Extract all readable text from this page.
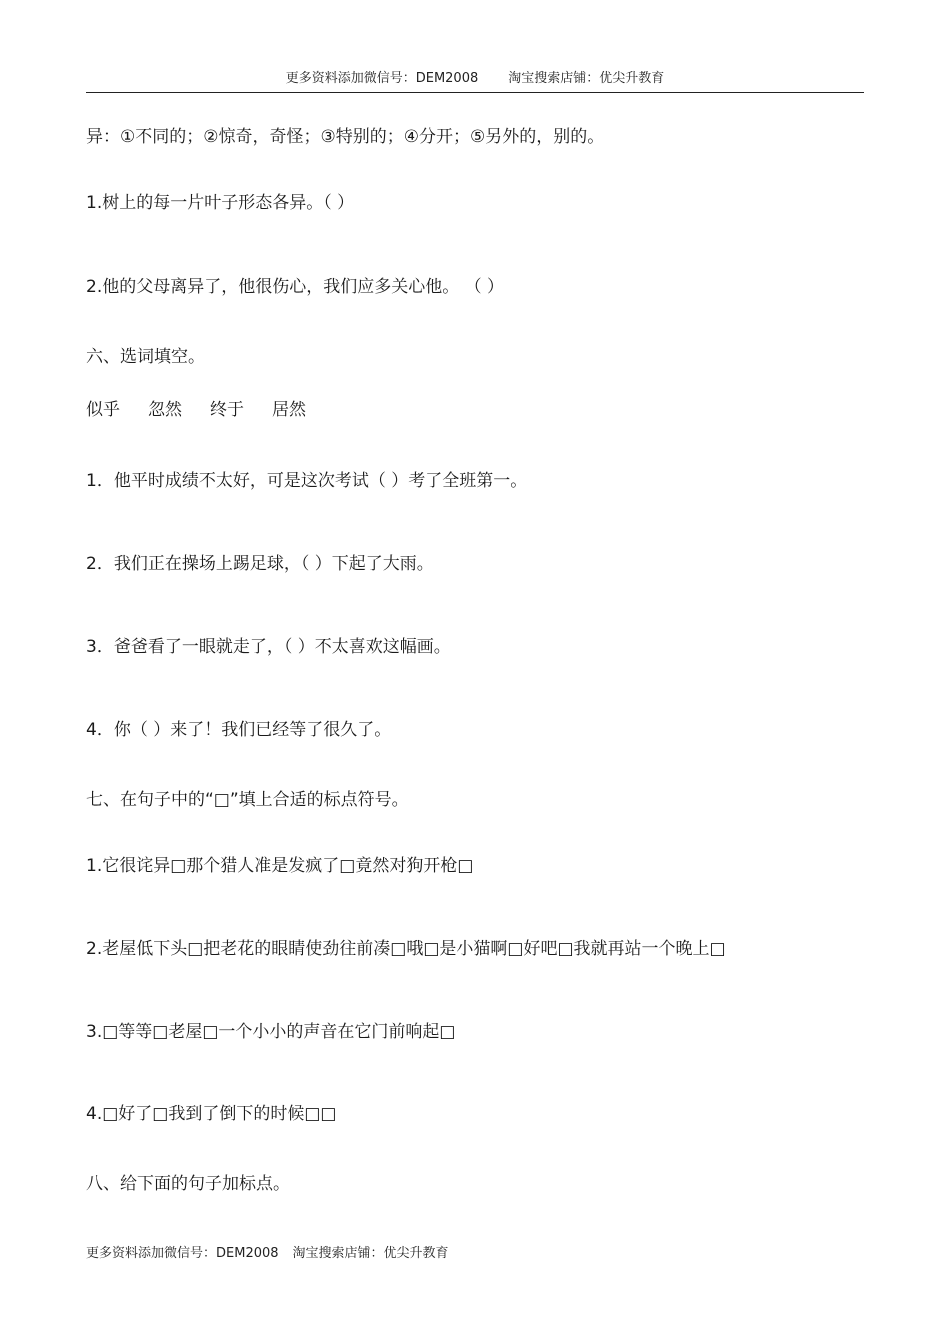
更多资料添加微信号：DEM2008 淘宝搜索店铺：优尖升教育
异：①不同的；②惊奇，奇怪；③特别的；④分开；⑤另外的，别的。
1.树上的每一片叶子形态各异。（ ）
2.他的父母离异了，他很伤心，我们应多关心他。 （ ）
六、选词填空。
似乎 忽然 终于 居然
1．他平时成绩不太好，可是这次考试（ ）考了全班第一。
2．我们正在操场上踢足球，（ ）下起了大雨。
3．爸爸看了一眼就走了，（ ）不太喜欢这幅画。
4．你（ ）来了！我们已经等了很久了。
七、在句子中的“□”填上合适的标点符号。
1.它很诧异□那个猎人准是发疯了□竟然对狗开枪□
2.老屋低下头□把老花的眼睛使劲往前凑□哦□是小猫啊□好吧□我就再站一个晚上□
3.□等等□老屋□一个小小的声音在它门前响起□
4.□好了□我到了倒下的时候□□
八、给下面的句子加标点。
更多资料添加微信号：DEM2008 淘宝搜索店铺：优尖升教育
